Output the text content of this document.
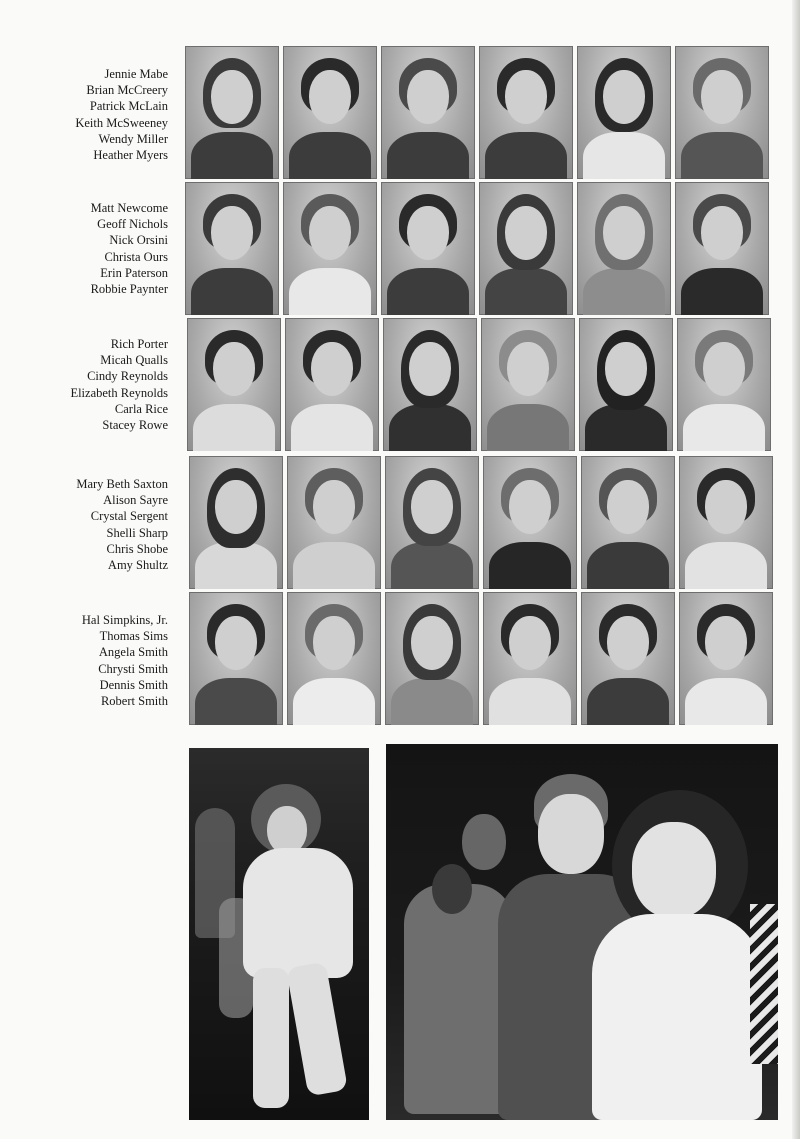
Jennie Mabe
Brian McCreery
Patrick McLain
Keith McSweeney
Wendy Miller
Heather Myers
Matt Newcome
Geoff Nichols
Nick Orsini
Christa Ours
Erin Paterson
Robbie Paynter
Rich Porter
Micah Qualls
Cindy Reynolds
Elizabeth Reynolds
Carla Rice
Stacey Rowe
Mary Beth Saxton
Alison Sayre
Crystal Sergent
Shelli Sharp
Chris Shobe
Amy Shultz
Hal Simpkins, Jr.
Thomas Sims
Angela Smith
Chrysti Smith
Dennis Smith
Robert Smith
